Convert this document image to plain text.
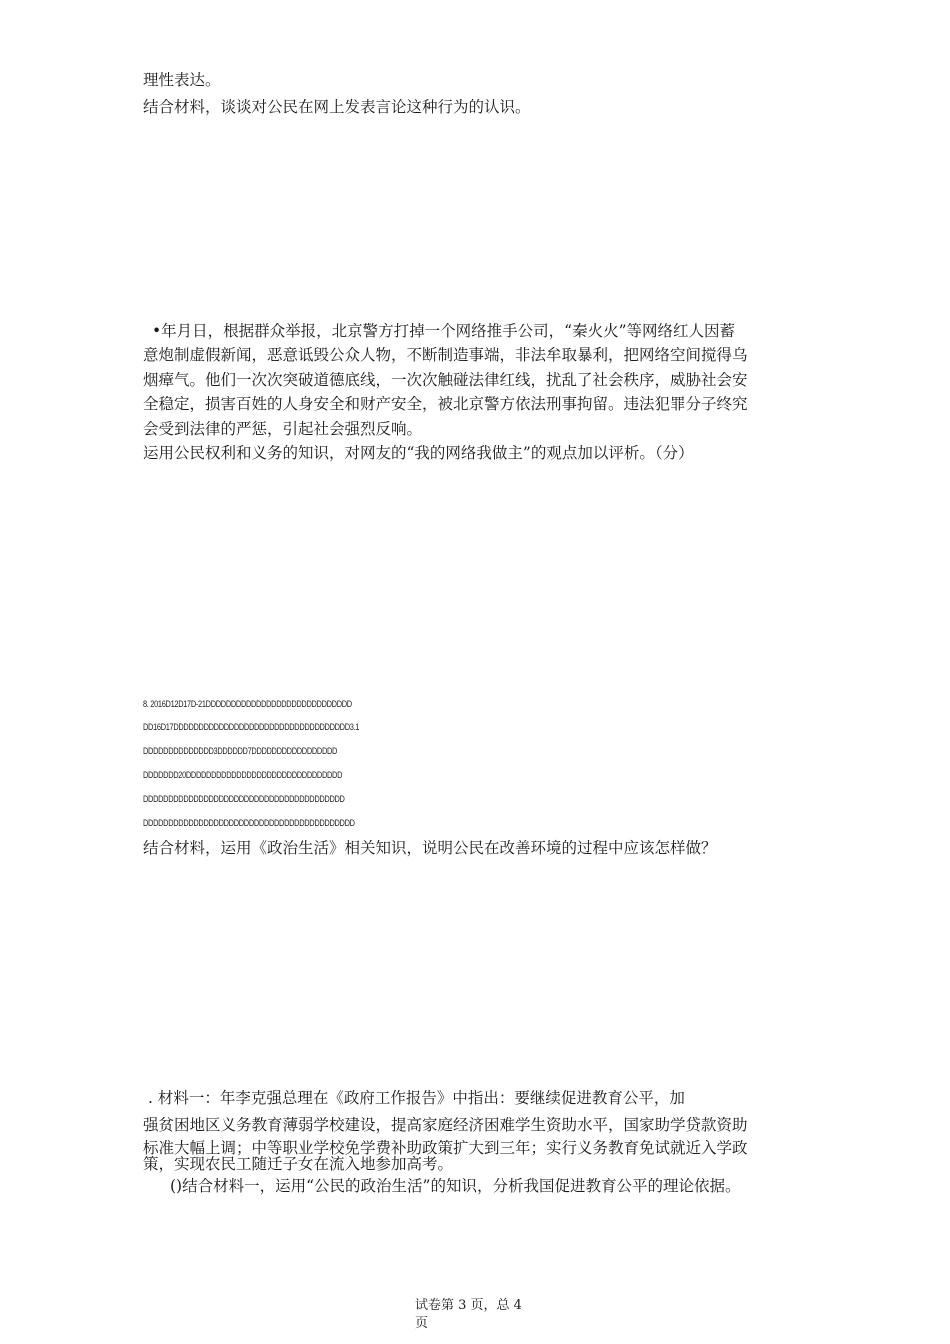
理性表达。
结合材料，谈谈对公民在网上发表言论这种行为的认识。
•年月日，根据群众举报，北京警方打掉一个网络推手公司，“秦火火”等网络红人因蓄
意炮制虚假新闻，恶意诋毁公众人物，不断制造事端，非法牟取暴利，把网络空间搅得乌
烟瘴气。他们一次次突破道德底线，一次次触碰法律红线，扰乱了社会秩序，威胁社会安
全稳定，损害百姓的人身安全和财产安全，被北京警方依法刑事拘留。违法犯罪分子终究
会受到法律的严惩，引起社会强烈反响。
运用公民权利和义务的知识，对网友的“我的网络我做主”的观点加以评析。（分）
8. 2016D12D17D-21DDDDDDDDDDDDDDDDDDDDDDDDDDDDD
DD16D17DDDDDDDDDDDDDDDDDDDDDDDDDDDDDDDDDDD3.1
DDDDDDDDDDDDDD3DDDDDD7DDDDDDDDDDDDDDDDD
DDDDDDD20DDDDDDDDDDDDDDDDDDDDDDDDDDDDDDD
DDDDDDDDDDDDDDDDDDDDDDDDDDDDDDDDDDDDDDDD
DDDDDDDDDDDDDDDDDDDDDDDDDDDDDDDDDDDDDDDDDD
结合材料，运用《政治生活》相关知识，说明公民在改善环境的过程中应该怎样做？
. 材料一：年李克强总理在《政府工作报告》中指出：要继续促进教育公平，加
强贫困地区义务教育薄弱学校建设，提高家庭经济困难学生资助水平，国家助学贷款资助
标准大幅上调；中等职业学校免学费补助政策扩大到三年；实行义务教育免试就近入学政
策，实现农民工随迁子女在流入地参加高考。
()结合材料一，运用“公民的政治生活”的知识，分析我国促进教育公平的理论依据。
试卷第 3 页，总 4
页
